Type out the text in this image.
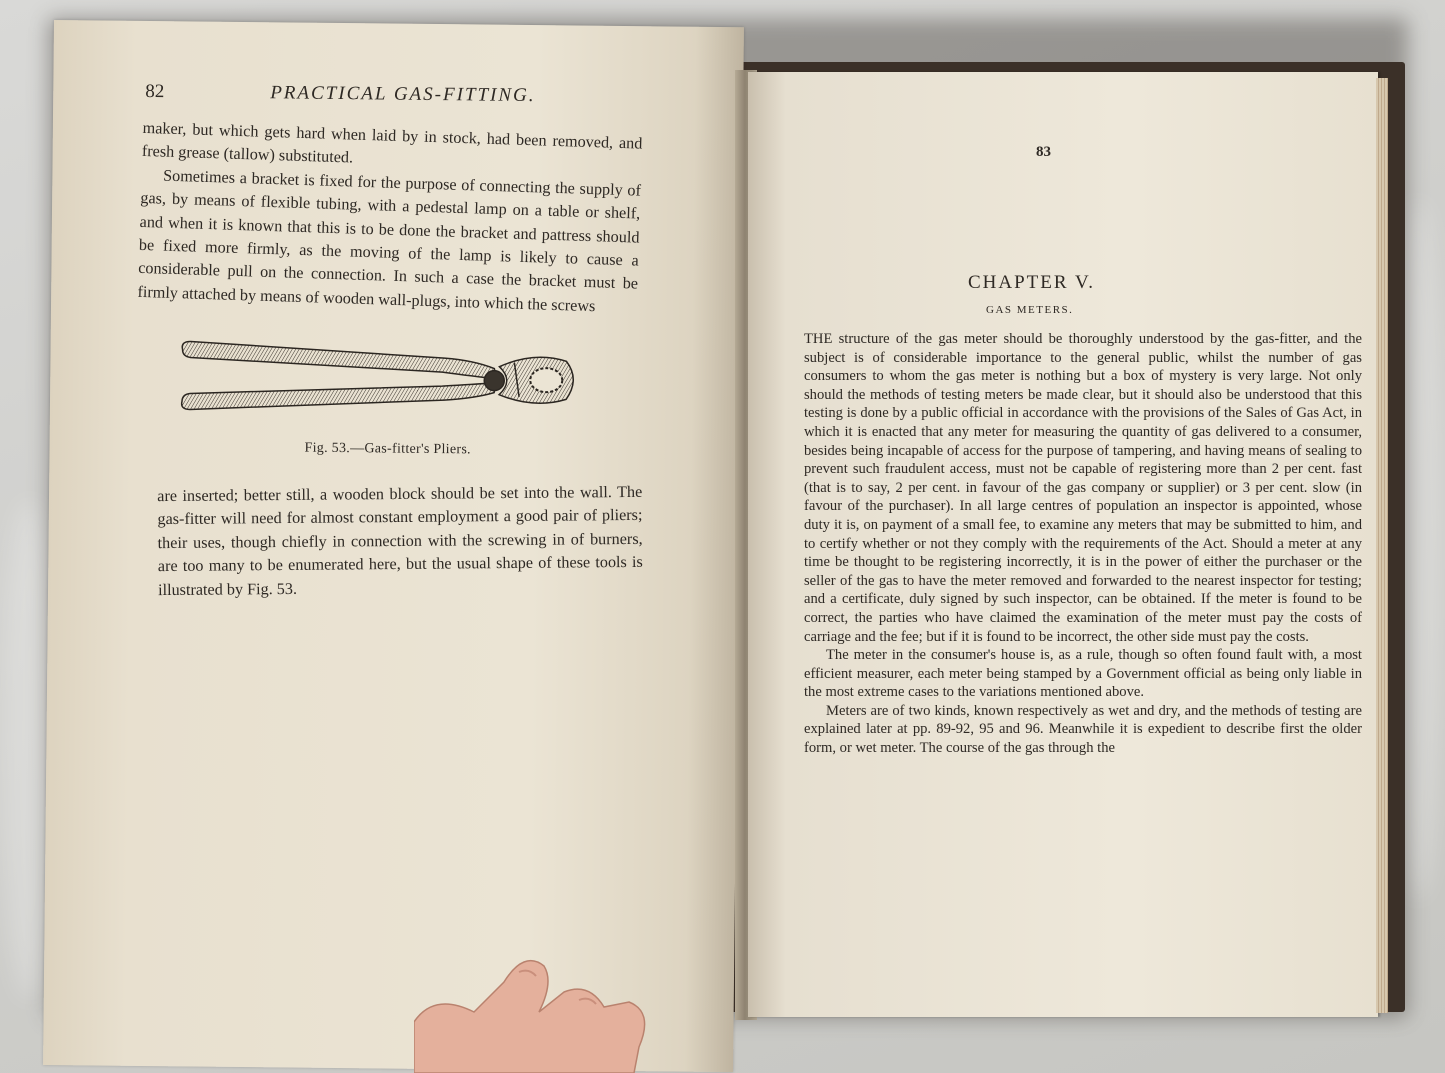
82	PRACTICAL GAS-FITTING.

maker, but which gets hard when laid by in stock, had been removed, and fresh grease (tallow) substituted.

Sometimes a bracket is fixed for the purpose of connecting the supply of gas, by means of flexible tubing, with a pedestal lamp on a table or shelf, and when it is known that this is to be done the bracket and pattress should be fixed more firmly, as the moving of the lamp is likely to cause a considerable pull on the connection. In such a case the bracket must be firmly attached by means of wooden wall-plugs, into which the screws

Fig. 53.—Gas-fitter's Pliers.

are inserted; better still, a wooden block should be set into the wall. The gas-fitter will need for almost constant employment a good pair of pliers; their uses, though chiefly in connection with the screwing in of burners, are too many to be enumerated here, but the usual shape of these tools is illustrated by Fig. 53.

83
CHAPTER V.
GAS METERS.

THE structure of the gas meter should be thoroughly understood by the gas-fitter, and the subject is of considerable importance to the general public, whilst the number of gas consumers to whom the gas meter is nothing but a box of mystery is very large. Not only should the methods of testing meters be made clear, but it should also be understood that this testing is done by a public official in accordance with the provisions of the Sales of Gas Act, in which it is enacted that any meter for measuring the quantity of gas delivered to a consumer, besides being incapable of access for the purpose of tampering, and having means of sealing to prevent such fraudulent access, must not be capable of registering more than 2 per cent. fast (that is to say, 2 per cent. in favour of the gas company or supplier) or 3 per cent. slow (in favour of the purchaser). In all large centres of population an inspector is appointed, whose duty it is, on payment of a small fee, to examine any meters that may be submitted to him, and to certify whether or not they comply with the requirements of the Act. Should a meter at any time be thought to be registering incorrectly, it is in the power of either the purchaser or the seller of the gas to have the meter removed and forwarded to the nearest inspector for testing; and a certificate, duly signed by such inspector, can be obtained. If the meter is found to be correct, the parties who have claimed the examination of the meter must pay the costs of carriage and the fee; but if it is found to be incorrect, the other side must pay the costs.

The meter in the consumer's house is, as a rule, though so often found fault with, a most efficient measurer, each meter being stamped by a Government official as being only liable in the most extreme cases to the variations mentioned above.

Meters are of two kinds, known respectively as wet and dry, and the methods of testing are explained later at pp. 89-92, 95 and 96. Meanwhile it is expedient to describe first the older form, or wet meter. The course of the gas through the
